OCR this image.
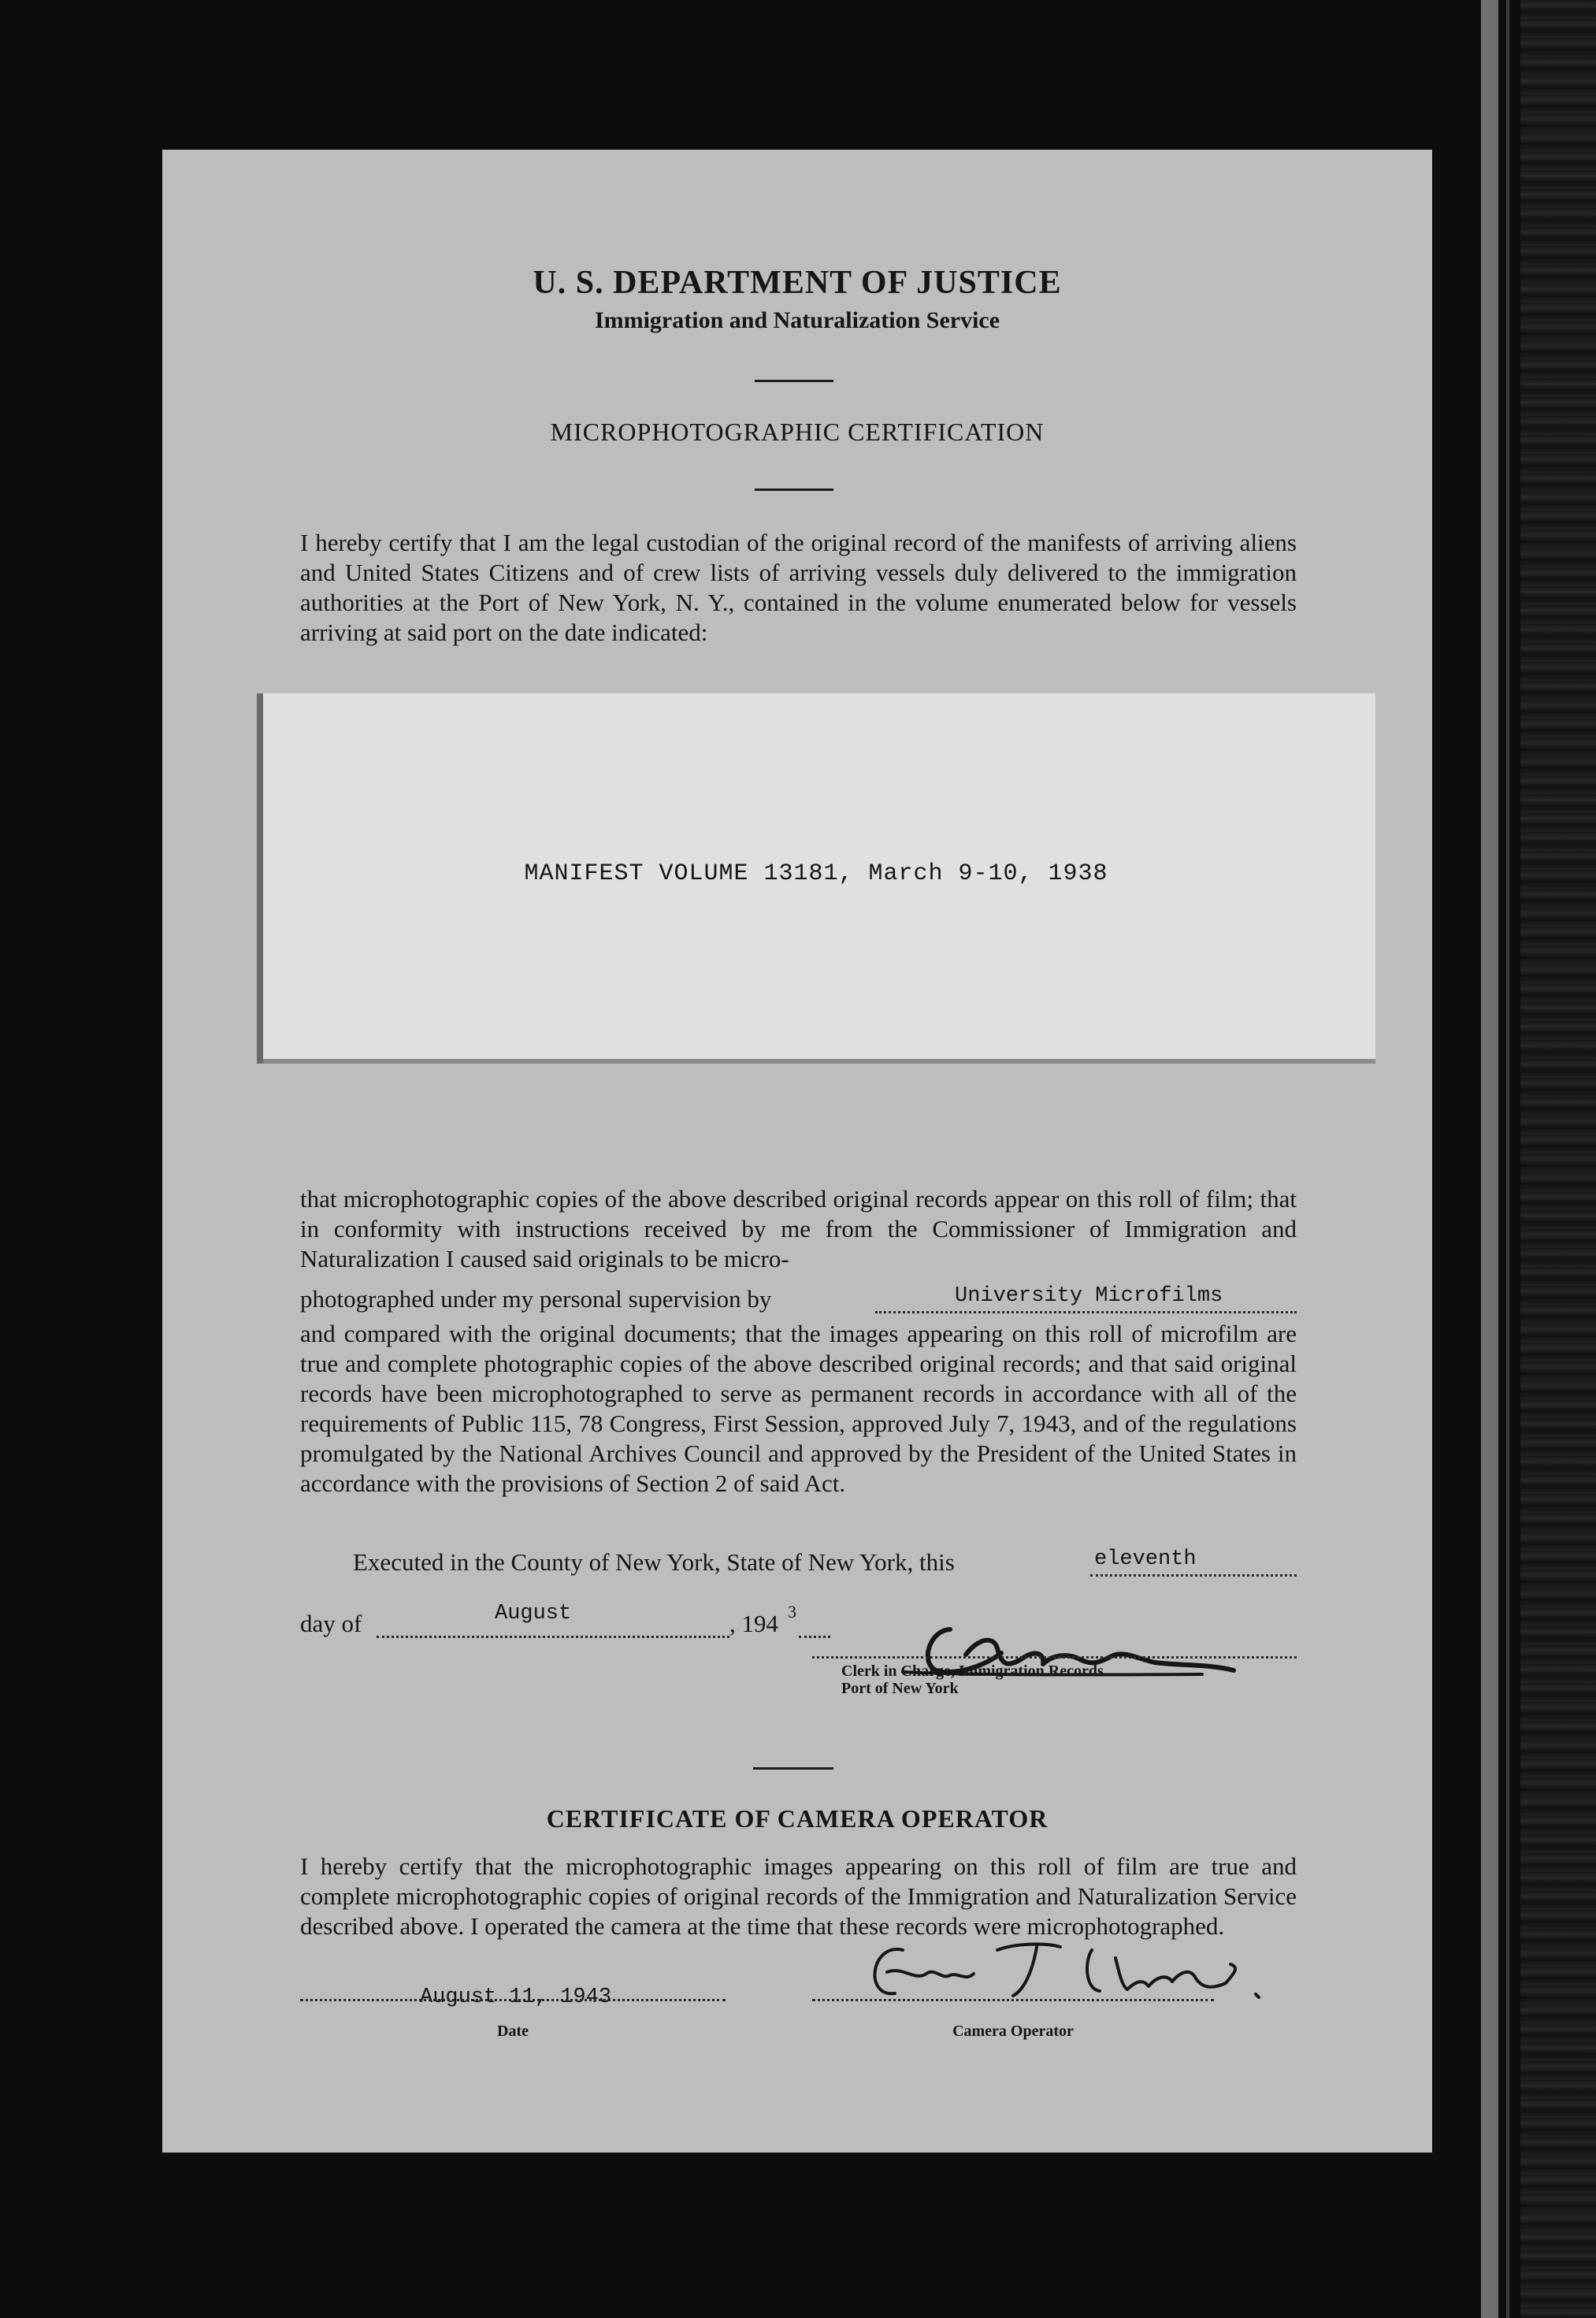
U. S. DEPARTMENT OF JUSTICE
Immigration and Naturalization Service
MICROPHOTOGRAPHIC CERTIFICATION

I hereby certify that I am the legal custodian of the original record of the manifests of arriving aliens and United States Citizens and of crew lists of arriving vessels duly delivered to the immigration authorities at the Port of New York, N. Y., contained in the volume enumerated below for vessels arriving at said port on the date indicated:

MANIFEST VOLUME 13181, March 9-10, 1938

that microphotographic copies of the above described original records appear on this roll of film; that in conformity with instructions received by me from the Commissioner of Immigration and Naturalization I caused said originals to be micro-

photographed under my personal supervision by	University Microfilms

and compared with the original documents; that the images appearing on this roll of microfilm are true and complete photographic copies of the above described original records; and that said original records have been microphotographed to serve as permanent records in accordance with all of the requirements of Public 115, 78 Congress, First Session, approved July 7, 1943, and of the regulations promulgated by the National Archives Council and approved by the President of the United States in accordance with the provisions of Section 2 of said Act.

Executed in the County of New York, State of New York, this	eleventh
day of	August	, 194 3
Clerk in Charge, Immigration Records
Port of New York
CERTIFICATE OF CAMERA OPERATOR

I hereby certify that the microphotographic images appearing on this roll of film are true and complete microphotographic copies of original records of the Immigration and Naturalization Service described above. I operated the camera at the time that these records were microphotographed.

August 11, 1943
Date	Camera Operator
